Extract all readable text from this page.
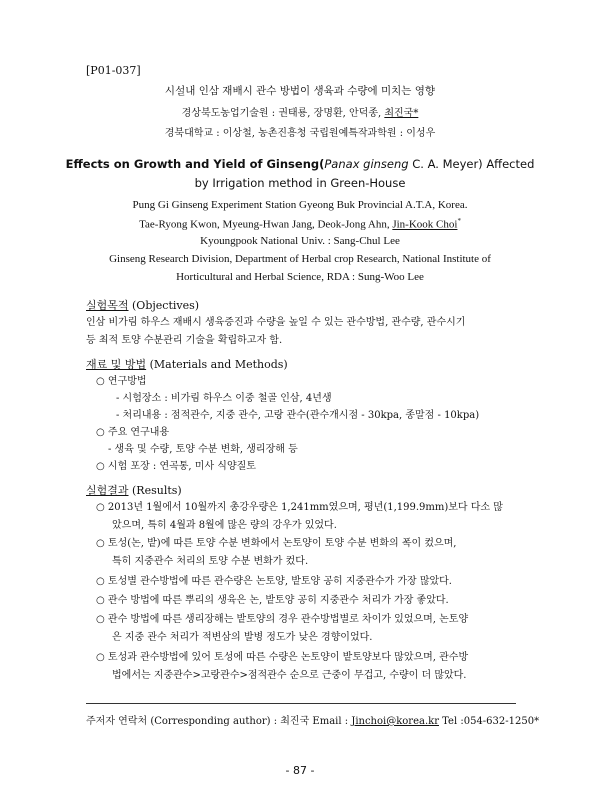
[P01-037]
시설내 인삼 재배시 관수 방법이 생육과 수량에 미치는 영향
경상북도농업기술원 : 권태룡, 장명환, 안덕종, 최진국*
경북대학교 : 이상철, 농촌진흥청 국립원예특작과학원 : 이성우
Effects on Growth and Yield of Ginseng(Panax ginseng C. A. Meyer) Affected
by Irrigation method in Green-House
Pung Gi Ginseng Experiment Station Gyeong Buk Provincial A.T.A, Korea.
Tae-Ryong Kwon, Myeung-Hwan Jang, Deok-Jong Ahn, Jin-Kook Choi*
Kyoungpook National Univ. : Sang-Chul Lee
Ginseng Research Division, Department of Herbal crop Research, National Institute of
Horticultural and Herbal Science, RDA : Sung-Woo Lee
실험목적 (Objectives)
인삼 비가림 하우스 재배시 생육증진과 수량을 높일 수 있는 관수방법, 관수량, 관수시기
등 최적 토양 수분관리 기술을 확립하고자 함.
재료 및 방법 (Materials and Methods)
○ 연구방법
- 시험장소 : 비가림 하우스 이중 철골 인삼, 4년생
- 처리내용 : 점적관수, 지중 관수, 고랑 관수(관수개시점 - 30kpa, 종말점 - 10kpa)
○ 주요 연구내용
- 생육 및 수량, 토양 수분 변화, 생리장해 등
○ 시험 포장 : 연곡통, 미사 식양질토
실험결과 (Results)
○ 2013년 1월에서 10월까지 총강우량은 1,241mm였으며, 평년(1,199.9mm)보다 다소 많
았으며, 특히 4월과 8월에 많은 량의 강우가 있었다.
○ 토성(논, 밭)에 따른 토양 수분 변화에서 논토양이 토양 수분 변화의 폭이 컸으며,
특히 지중관수 처리의 토양 수분 변화가 컸다.
○ 토성별 관수방법에 따른 관수량은 논토양, 밭토양 공히 지중관수가 가장 많았다.
○ 관수 방법에 따른 뿌리의 생육은 논, 밭토양 공히 지중관수 처리가 가장 좋았다.
○ 관수 방법에 따른 생리장해는 밭토양의 경우 관수방법별로 차이가 있었으며, 논토양
은 지중 관수 처리가 적변삼의 발병 정도가 낮은 경향이었다.
○ 토성과 관수방법에 있어 토성에 따른 수량은 논토양이 밭토양보다 많았으며, 관수방
법에서는 지중관수>고랑관수>점적관수 순으로 근중이 무겁고, 수량이 더 많았다.
주저자 연락처 (Corresponding author) : 최진국 Email : Jinchoi@korea.kr Tel :054-632-1250*
- 87 -
